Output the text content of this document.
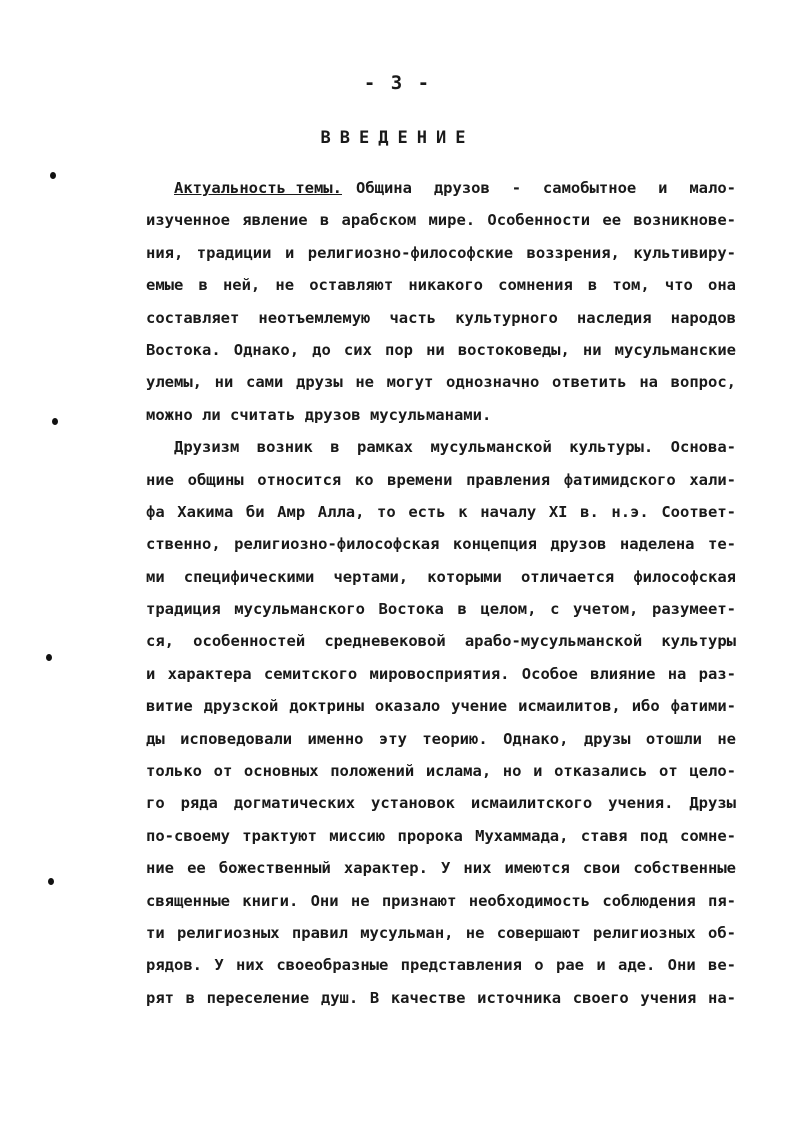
- 3 -
ВВЕДЕНИЕ
Актуальность темы. Община друзов - самобытное и мало-
изученное явление в арабском мире. Особенности ее возникнове-
ния, традиции и религиозно-философские воззрения, культивиру-
емые в ней, не оставляют никакого сомнения в том, что она
составляет неотъемлемую часть культурного наследия народов
Востока. Однако, до сих пор ни востоковеды, ни мусульманские
улемы, ни сами друзы не могут однозначно ответить на вопрос,
можно ли считать друзов мусульманами.
Друзизм возник в рамках мусульманской культуры. Основа-
ние общины относится ко времени правления фатимидского хали-
фа Хакима би Амр Алла, то есть к началу XI в. н.э. Соответ-
ственно, религиозно-философская концепция друзов наделена те-
ми специфическими чертами, которыми отличается философская
традиция мусульманского Востока в целом, с учетом, разумеет-
ся, особенностей средневековой арабо-мусульманской культуры
и характера семитского мировосприятия. Особое влияние на раз-
витие друзской доктрины оказало учение исмаилитов, ибо фатими-
ды исповедовали именно эту теорию. Однако, друзы отошли не
только от основных положений ислама, но и отказались от цело-
го ряда догматических установок исмаилитского учения. Друзы
по-своему трактуют миссию пророка Мухаммада, ставя под сомне-
ние ее божественный характер. У них имеются свои собственные
священные книги. Они не признают необходимость соблюдения пя-
ти религиозных правил мусульман, не совершают религиозных об-
рядов. У них своеобразные представления о рае и аде. Они ве-
рят в переселение душ. В качестве источника своего учения на-
